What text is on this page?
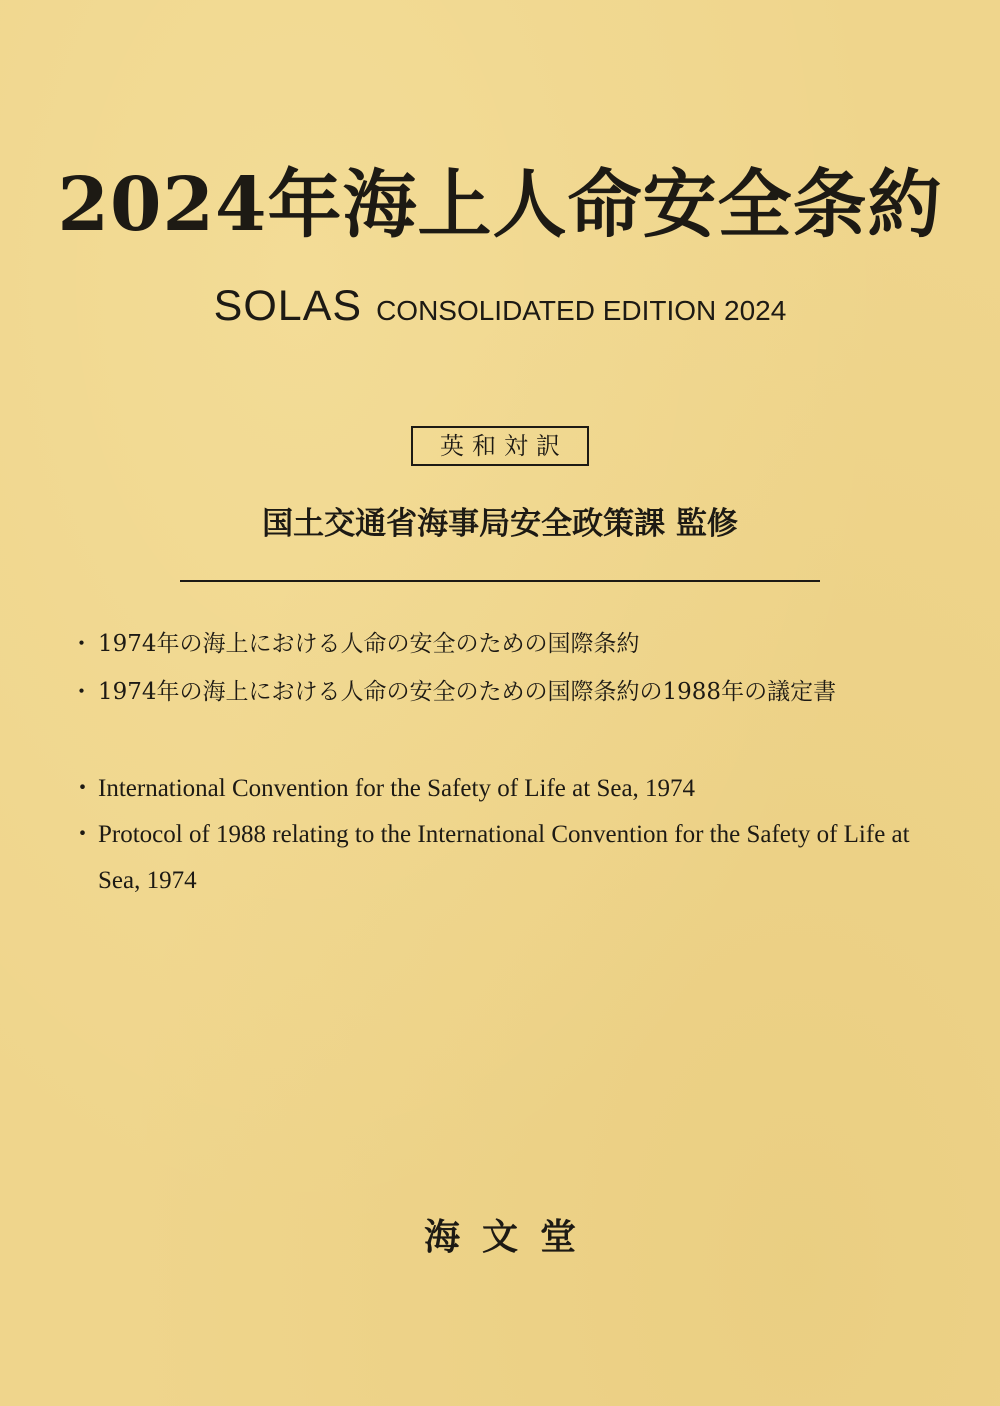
2024年海上人命安全条約
SOLAS CONSOLIDATED EDITION 2024
英和対訳
国土交通省海事局安全政策課 監修
・ 1974年の海上における人命の安全のための国際条約
・ 1974年の海上における人命の安全のための国際条約の1988年の議定書
・ International Convention for the Safety of Life at Sea, 1974
・ Protocol of 1988 relating to the International Convention for the Safety of Life at Sea, 1974
海文堂
